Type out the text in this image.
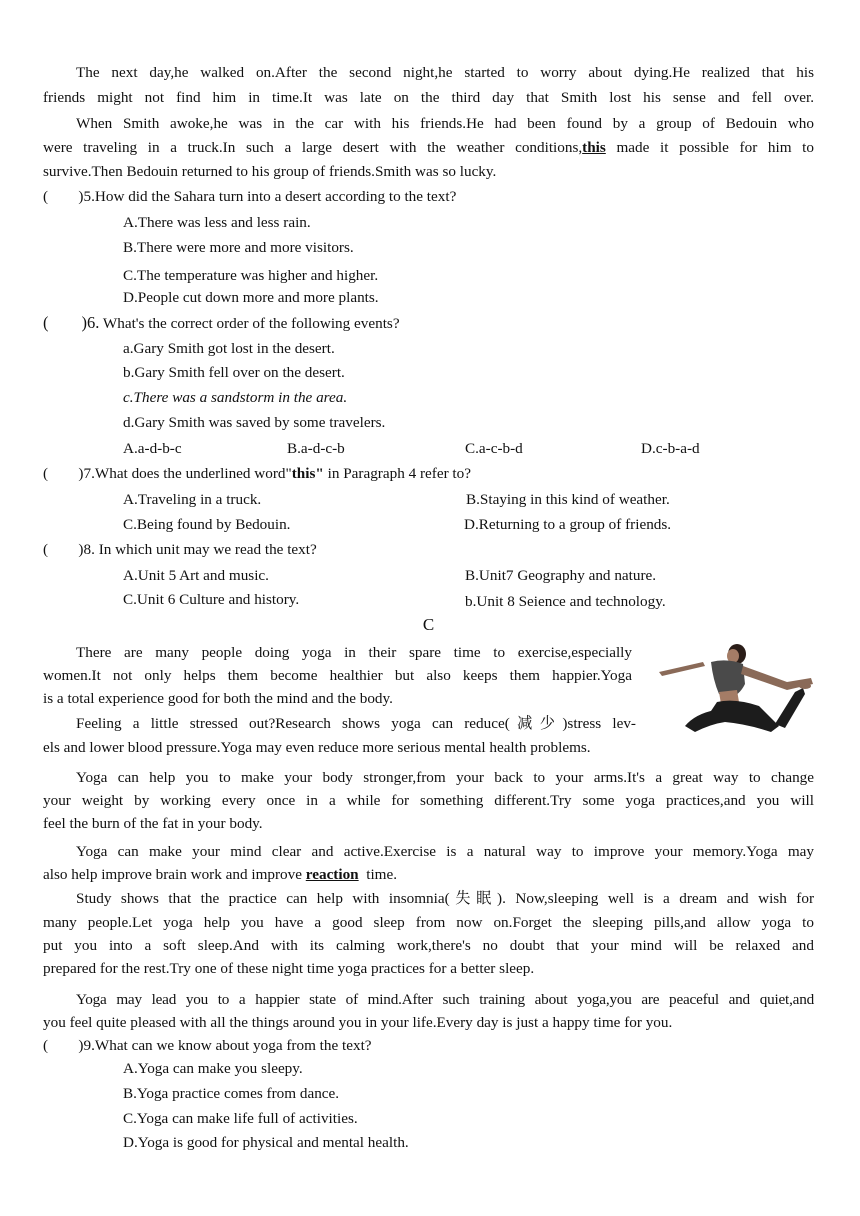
The next day,he walked on.After the second night,he started to worry about dying.He realized that his
friends might not find him in time.It was late on the third day that Smith lost his sense and fell over.
When Smith awoke,he was in the car with his friends.He had been found by a group of Bedouin who
were traveling in a truck.In such a large desert with the weather conditions,this made it possible for him to
survive.Then Bedouin returned to his group of friends.Smith was so lucky.
(        )5.How did the Sahara turn into a desert according to the text?
A.There was less and less rain.
B.There were more and more visitors.
C.The temperature was higher and higher.
D.People cut down more and more plants.
(        )6. What's the correct order of the following events?
a.Gary Smith got lost in the desert.
b.Gary Smith fell over on the desert.
c.There was a sandstorm in the area.
d.Gary Smith was saved by some travelers.
A.a-d-b-c	B.a-d-c-b	C.a-c-b-d	D.c-b-a-d
(        )7.What does the underlined word"this" in Paragraph 4 refer to?
A.Traveling in a truck.	B.Staying in this kind of weather.
C.Being found by Bedouin.	D.Returning to a group of friends.
(        )8. In which unit may we read the text?
A.Unit 5 Art and music.	B.Unit7 Geography and nature.
C.Unit 6 Culture and history.	b.Unit 8 Seience and technology.
C
There are many people doing yoga in their spare time to exercise,especially
women.It not only helps them become healthier but also keeps them happier.Yoga
is a total experience good for both the mind and the body.
Feeling a little stressed out?Research shows yoga can reduce(减少)stress lev-
els and lower blood pressure.Yoga may even reduce more serious mental health problems.
Yoga can help you to make your body stronger,from your back to your arms.It's a great way to change
your weight by working every once in a while for something different.Try some yoga practices,and you will
feel the burn of the fat in your body.
Yoga can make your mind clear and active.Exercise is a natural way to improve your memory.Yoga may
also help improve brain work and improve reaction  time.
Study shows that the practice can help with insomnia(失眠). Now,sleeping well is a dream and wish for
many people.Let yoga help you have a good sleep from now on.Forget the sleeping pills,and allow yoga to
put you into a soft sleep.And with its calming work,there's no doubt that your mind will be relaxed and
prepared for the rest.Try one of these night time yoga practices for a better sleep.
Yoga may lead you to a happier state of mind.After such training about yoga,you are peaceful and quiet,and
you feel quite pleased with all the things around you in your life.Every day is just a happy time for you.
(        )9.What can we know about yoga from the text?
A.Yoga can make you sleepy.
B.Yoga practice comes from dance.
C.Yoga can make life full of activities.
D.Yoga is good for physical and mental health.
